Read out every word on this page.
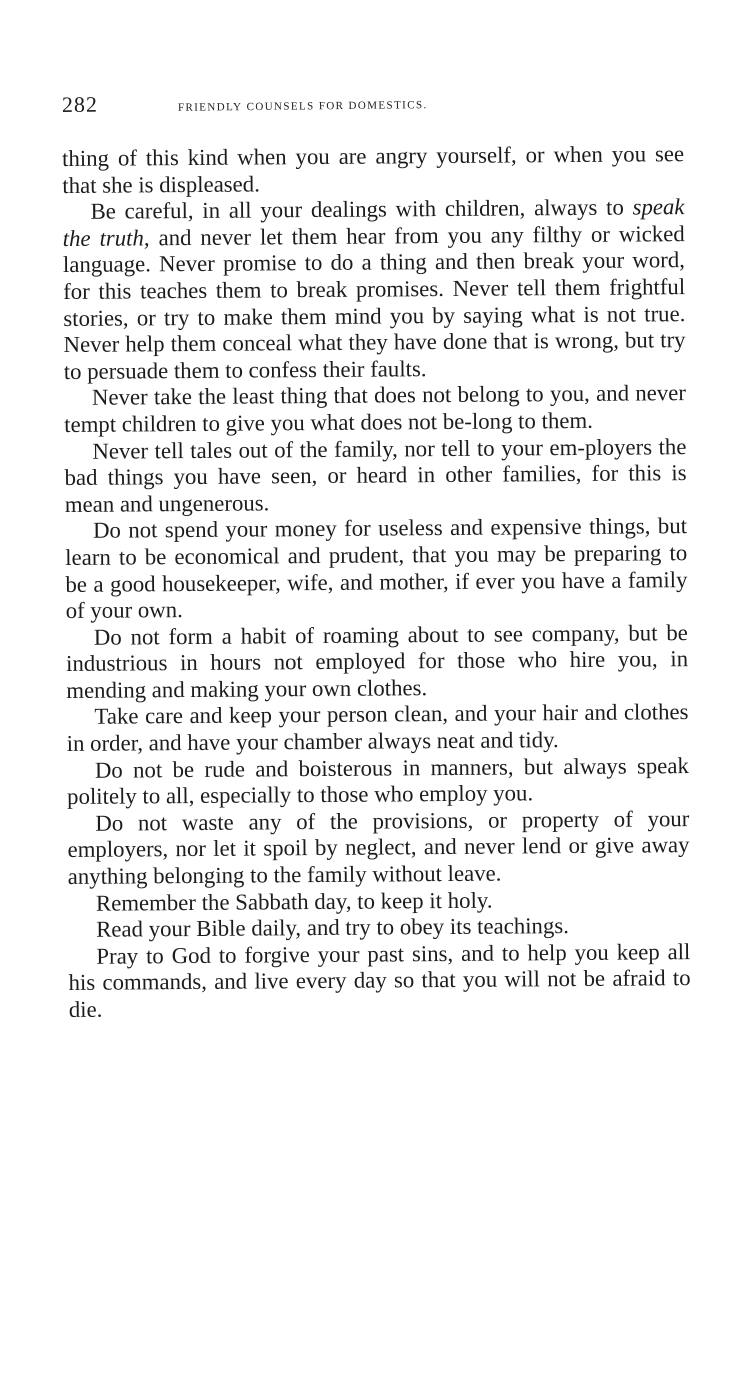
282	friendly counsels for domestics.

thing of this kind when you are angry yourself, or when you see that she is displeased.

Be careful, in all your dealings with children, always to speak the truth, and never let them hear from you any filthy or wicked language. Never promise to do a thing and then break your word, for this teaches them to break promises. Never tell them frightful stories, or try to make them mind you by saying what is not true. Never help them conceal what they have done that is wrong, but try to persuade them to confess their faults.

Never take the least thing that does not belong to you, and never tempt children to give you what does not be-long to them.

Never tell tales out of the family, nor tell to your em-ployers the bad things you have seen, or heard in other families, for this is mean and ungenerous.

Do not spend your money for useless and expensive things, but learn to be economical and prudent, that you may be preparing to be a good housekeeper, wife, and mother, if ever you have a family of your own.

Do not form a habit of roaming about to see company, but be industrious in hours not employed for those who hire you, in mending and making your own clothes.

Take care and keep your person clean, and your hair and clothes in order, and have your chamber always neat and tidy.

Do not be rude and boisterous in manners, but always speak politely to all, especially to those who employ you.

Do not waste any of the provisions, or property of your employers, nor let it spoil by neglect, and never lend or give away anything belonging to the family without leave.

Remember the Sabbath day, to keep it holy.

Read your Bible daily, and try to obey its teachings.

Pray to God to forgive your past sins, and to help you keep all his commands, and live every day so that you will not be afraid to die.
